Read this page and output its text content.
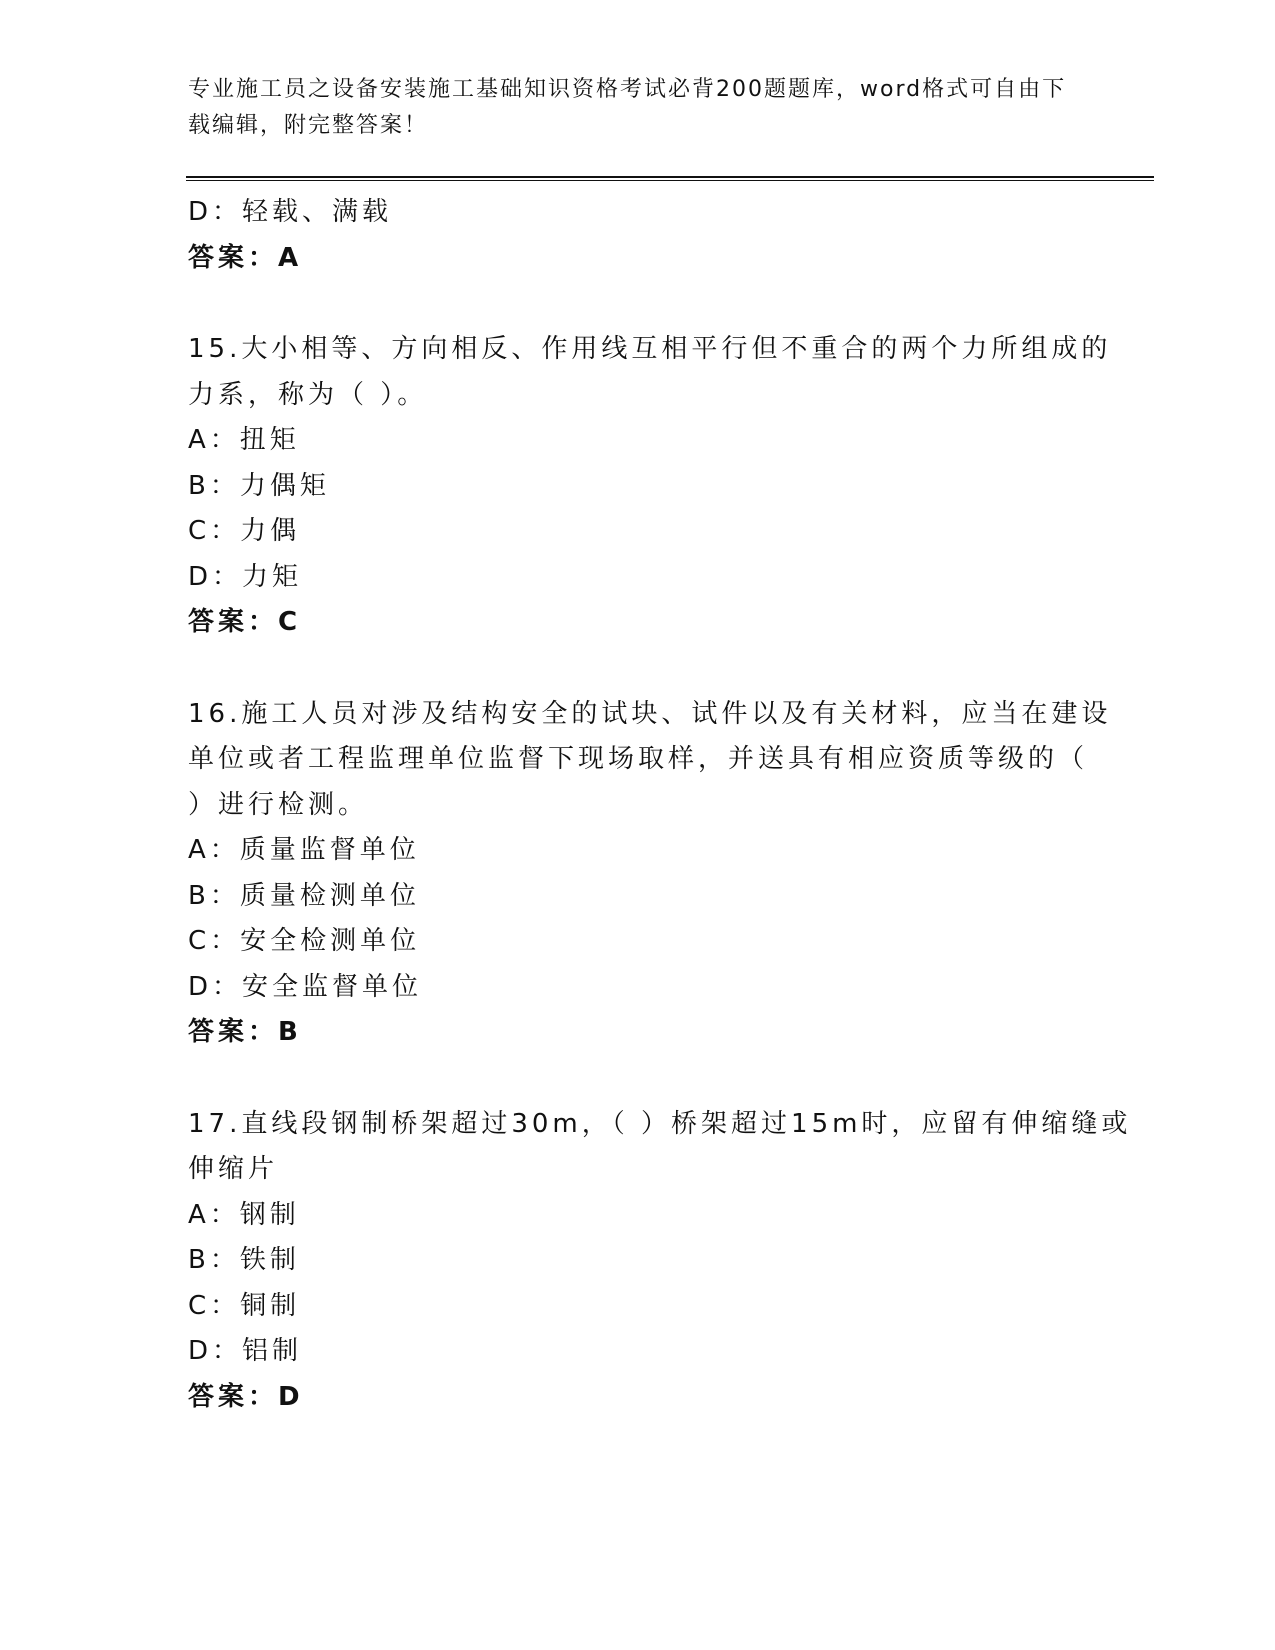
专业施工员之设备安装施工基础知识资格考试必背200题题库，word格式可自由下载编辑，附完整答案！

D：轻载、满载

答案：A

15.大小相等、方向相反、作用线互相平行但不重合的两个力所组成的

力系，称为（ ）。

A：扭矩

B：力偶矩

C：力偶

D：力矩

答案：C

16.施工人员对涉及结构安全的试块、试件以及有关材料，应当在建设

单位或者工程监理单位监督下现场取样，并送具有相应资质等级的（

）进行检测。

A：质量监督单位

B：质量检测单位

C：安全检测单位

D：安全监督单位

答案：B

17.直线段钢制桥架超过30m，（ ）桥架超过15m时，应留有伸缩缝或

伸缩片

A：钢制

B：铁制

C：铜制

D：铝制

答案：D
